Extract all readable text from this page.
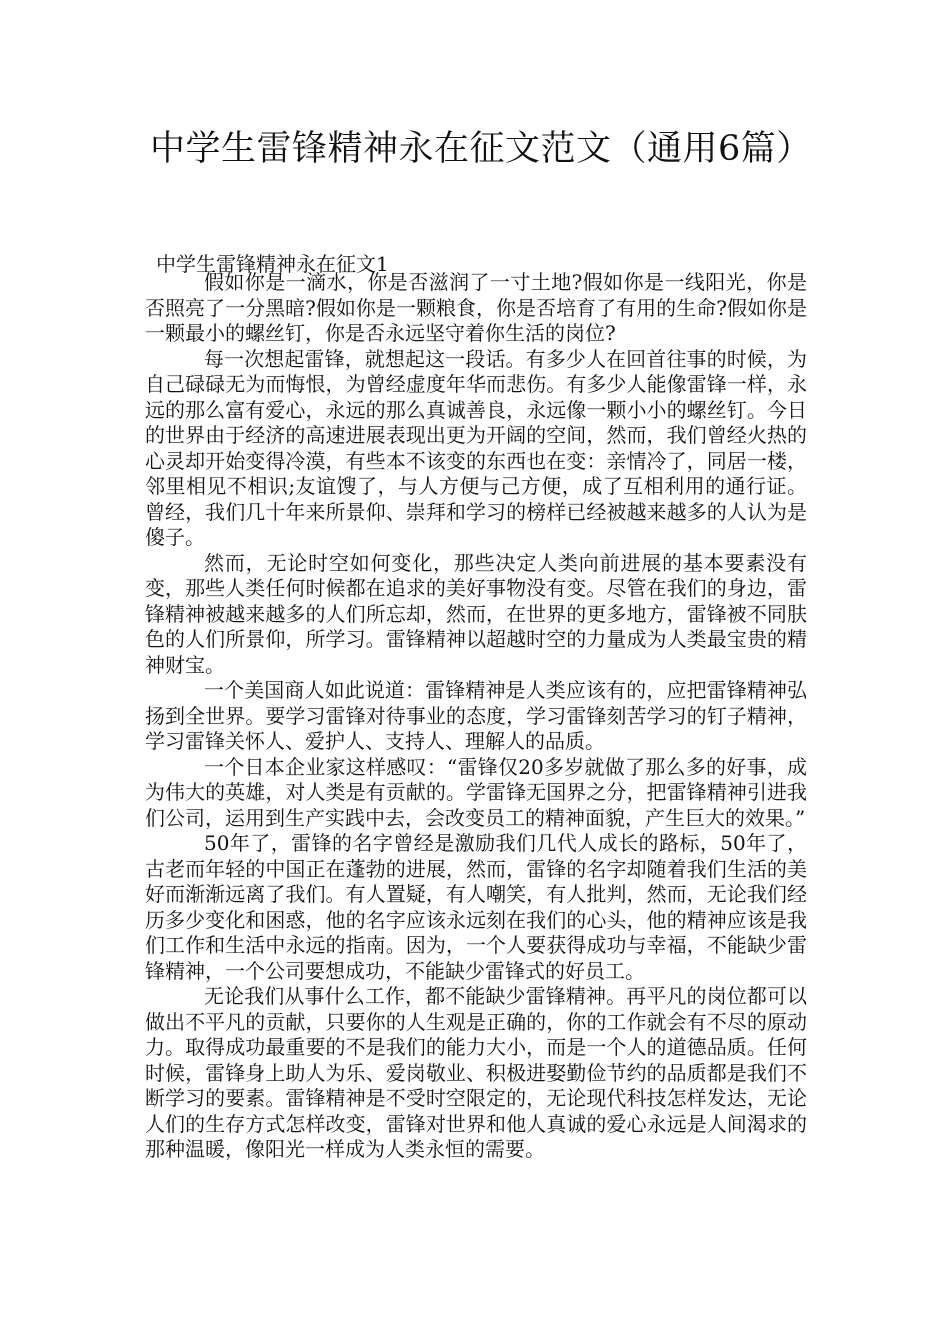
中学生雷锋精神永在征文范文（通用6篇）
中学生雷锋精神永在征文1

假如你是一滴水，你是否滋润了一寸土地?假如你是一线阳光，你是否照亮了一分黑暗?假如你是一颗粮食，你是否培育了有用的生命?假如你是一颗最小的螺丝钉，你是否永远坚守着你生活的岗位?

每一次想起雷锋，就想起这一段话。有多少人在回首往事的时候，为自己碌碌无为而悔恨，为曾经虚度年华而悲伤。有多少人能像雷锋一样，永远的那么富有爱心，永远的那么真诚善良，永远像一颗小小的螺丝钉。今日的世界由于经济的高速进展表现出更为开阔的空间，然而，我们曾经火热的心灵却开始变得冷漠，有些本不该变的东西也在变：亲情冷了，同居一楼，邻里相见不相识;友谊馊了，与人方便与己方便，成了互相利用的通行证。曾经，我们几十年来所景仰、崇拜和学习的榜样已经被越来越多的人认为是傻子。

然而，无论时空如何变化，那些决定人类向前进展的基本要素没有变，那些人类任何时候都在追求的美好事物没有变。尽管在我们的身边，雷锋精神被越来越多的人们所忘却，然而，在世界的更多地方，雷锋被不同肤色的人们所景仰，所学习。雷锋精神以超越时空的力量成为人类最宝贵的精神财宝。

一个美国商人如此说道：雷锋精神是人类应该有的，应把雷锋精神弘扬到全世界。要学习雷锋对待事业的态度，学习雷锋刻苦学习的钉子精神，学习雷锋关怀人、爱护人、支持人、理解人的品质。

一个日本企业家这样感叹：“雷锋仅20多岁就做了那么多的好事，成为伟大的英雄，对人类是有贡献的。学雷锋无国界之分，把雷锋精神引进我们公司，运用到生产实践中去，会改变员工的精神面貌，产生巨大的效果。”

50年了，雷锋的名字曾经是激励我们几代人成长的路标，50年了，古老而年轻的中国正在蓬勃的进展，然而，雷锋的名字却随着我们生活的美好而渐渐远离了我们。有人置疑，有人嘲笑，有人批判，然而，无论我们经历多少变化和困惑，他的名字应该永远刻在我们的心头，他的精神应该是我们工作和生活中永远的指南。因为，一个人要获得成功与幸福，不能缺少雷锋精神，一个公司要想成功，不能缺少雷锋式的好员工。

无论我们从事什么工作，都不能缺少雷锋精神。再平凡的岗位都可以做出不平凡的贡献，只要你的人生观是正确的，你的工作就会有不尽的原动力。取得成功最重要的不是我们的能力大小，而是一个人的道德品质。任何时候，雷锋身上助人为乐、爱岗敬业、积极进娶勤俭节约的品质都是我们不断学习的要素。雷锋精神是不受时空限定的，无论现代科技怎样发达，无论人们的生存方式怎样改变，雷锋对世界和他人真诚的爱心永远是人间渴求的那种温暖，像阳光一样成为人类永恒的需要。
